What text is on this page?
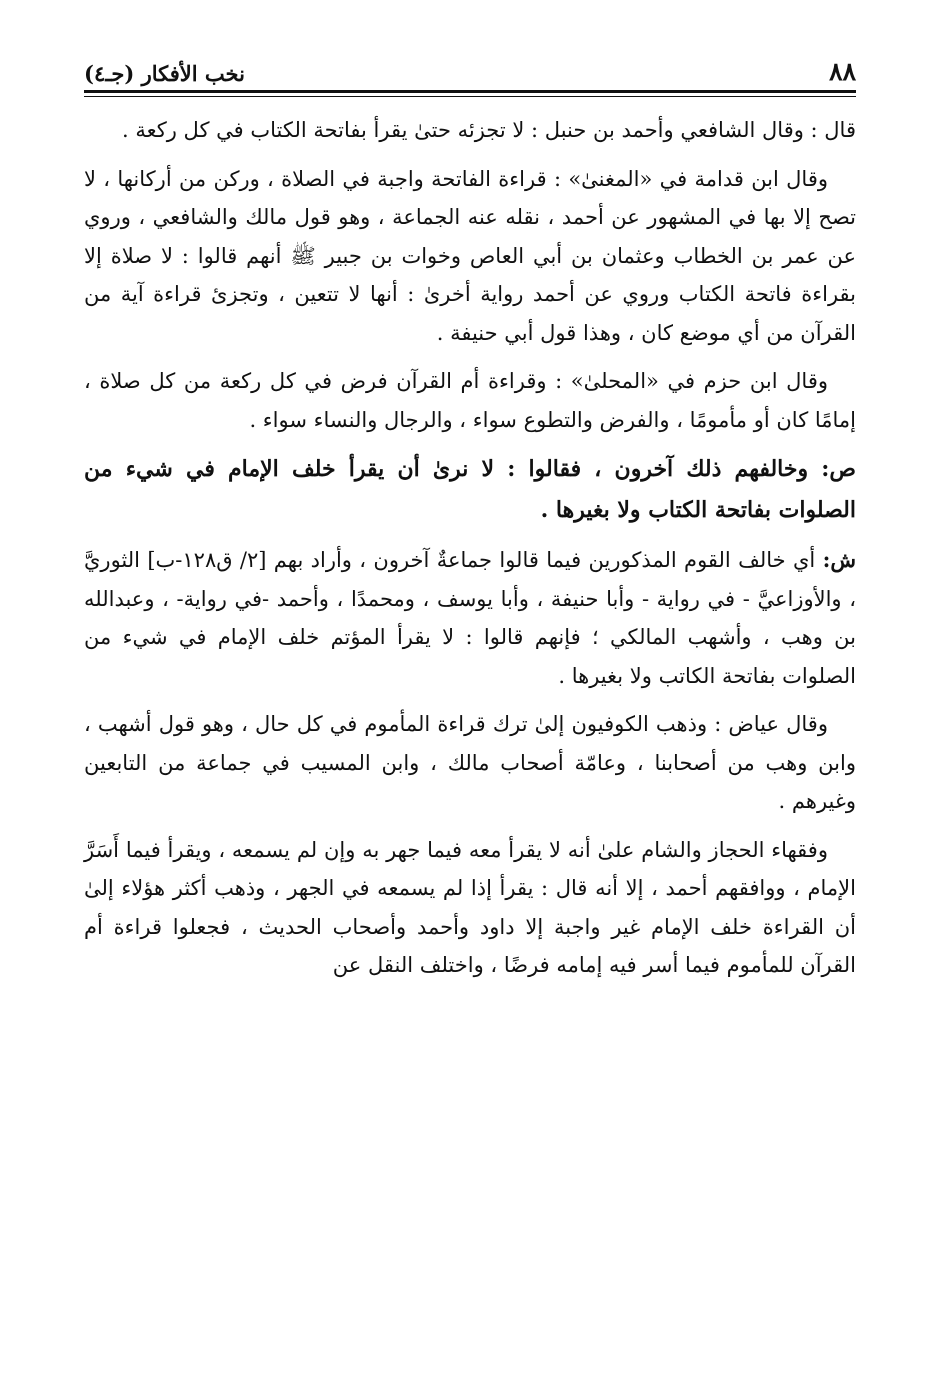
٨٨
نخب الأفكار (جـ٤)

قال : وقال الشافعي وأحمد بن حنبل : لا تجزئه حتىٰ يقرأ بفاتحة الكتاب في كل ركعة .

وقال ابن قدامة في «المغنىٰ» : قراءة الفاتحة واجبة في الصلاة ، وركن من أركانها ، لا تصح إلا بها في المشهور عن أحمد ، نقله عنه الجماعة ، وهو قول مالك والشافعي ، وروي عن عمر بن الخطاب وعثمان بن أبي العاص وخوات بن جبير ﷺ أنهم قالوا : لا صلاة إلا بقراءة فاتحة الكتاب وروي عن أحمد رواية أخرىٰ : أنها لا تتعين ، وتجزئ قراءة آية من القرآن من أي موضع كان ، وهذا قول أبي حنيفة .

وقال ابن حزم في «المحلىٰ» : وقراءة أم القرآن فرض في كل ركعة من كل صلاة ، إمامًا كان أو مأمومًا ، والفرض والتطوع سواء ، والرجال والنساء سواء .

ص: وخالفهم ذلك آخرون ، فقالوا : لا نرىٰ أن يقرأ خلف الإمام في شيء من الصلوات بفاتحة الكتاب ولا بغيرها .

ش: أي خالف القوم المذكورين فيما قالوا جماعةٌ آخرون ، وأراد بهم [٢/ ق١٢٨-ب] الثوريَّ ، والأوزاعيَّ - في رواية - وأبا حنيفة ، وأبا يوسف ، ومحمدًا ، وأحمد -في رواية- ، وعبدالله بن وهب ، وأشهب المالكي ؛ فإنهم قالوا : لا يقرأ المؤتم خلف الإمام في شيء من الصلوات بفاتحة الكاتب ولا بغيرها .

وقال عياض : وذهب الكوفيون إلىٰ ترك قراءة المأموم في كل حال ، وهو قول أشهب ، وابن وهب من أصحابنا ، وعامّة أصحاب مالك ، وابن المسيب في جماعة من التابعين وغيرهم .

وفقهاء الحجاز والشام علىٰ أنه لا يقرأ معه فيما جهر به وإن لم يسمعه ، ويقرأ فيما أَسَرَّ الإمام ، ووافقهم أحمد ، إلا أنه قال : يقرأ إذا لم يسمعه في الجهر ، وذهب أكثر هؤلاء إلىٰ أن القراءة خلف الإمام غير واجبة إلا داود وأحمد وأصحاب الحديث ، فجعلوا قراءة أم القرآن للمأموم فيما أسر فيه إمامه فرضًا ، واختلف النقل عن
